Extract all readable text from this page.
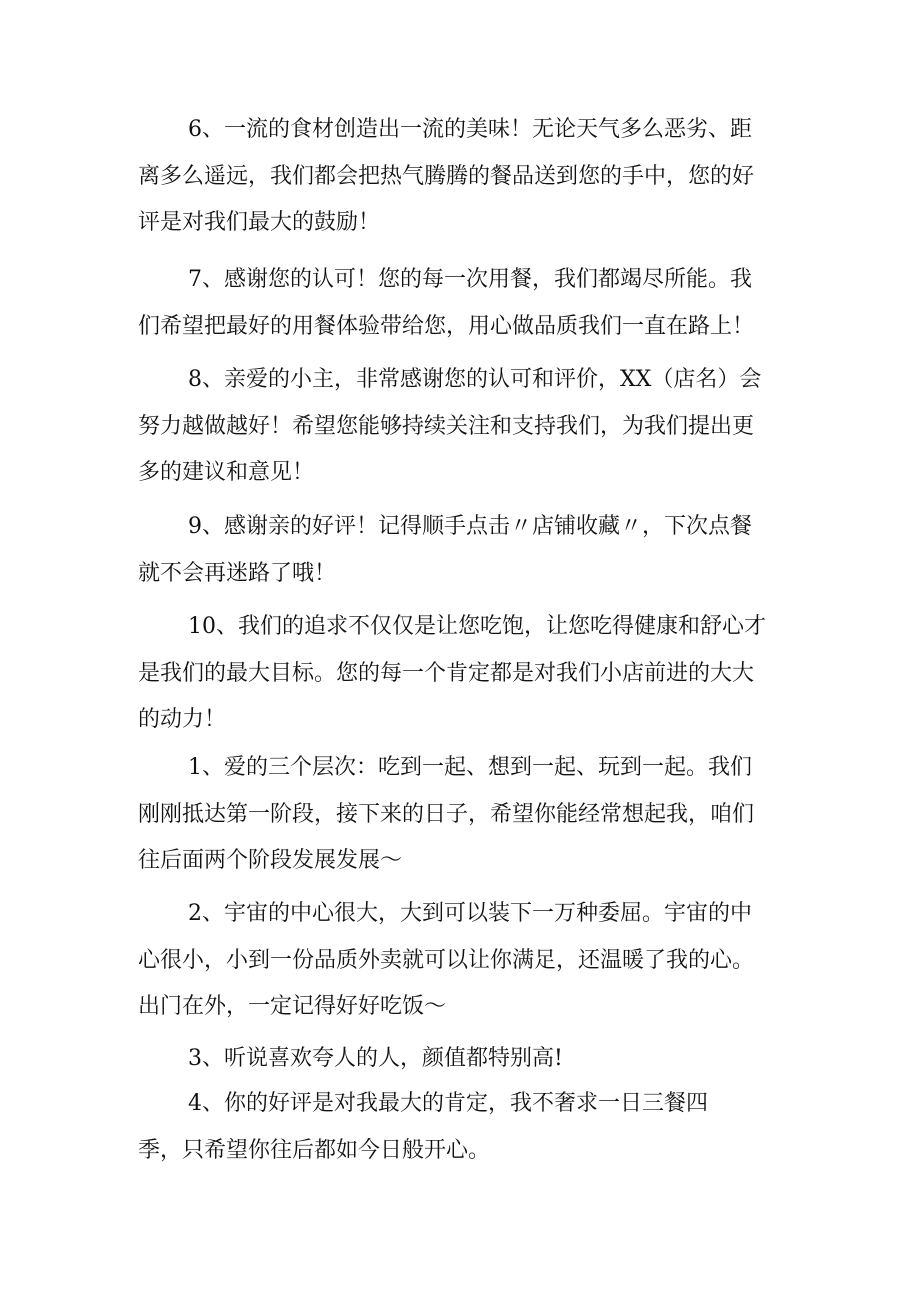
6、一流的食材创造出一流的美味！无论天气多么恶劣、距
离多么遥远，我们都会把热气腾腾的餐品送到您的手中，您的好
评是对我们最大的鼓励！
7、感谢您的认可！您的每一次用餐，我们都竭尽所能。我
们希望把最好的用餐体验带给您，用心做品质我们一直在路上！
8、亲爱的小主，非常感谢您的认可和评价，XX（店名）会
努力越做越好！希望您能够持续关注和支持我们，为我们提出更
多的建议和意见！
9、感谢亲的好评！记得顺手点击〃店铺收藏〃，下次点餐
就不会再迷路了哦！
10、我们的追求不仅仅是让您吃饱，让您吃得健康和舒心才
是我们的最大目标。您的每一个肯定都是对我们小店前进的大大
的动力！
1、爱的三个层次：吃到一起、想到一起、玩到一起。我们
刚刚抵达第一阶段，接下来的日子，希望你能经常想起我，咱们
往后面两个阶段发展发展～
2、宇宙的中心很大，大到可以装下一万种委屈。宇宙的中
心很小，小到一份品质外卖就可以让你满足，还温暖了我的心。
出门在外，一定记得好好吃饭～
3、听说喜欢夸人的人，颜值都特别高!
4、你的好评是对我最大的肯定，我不奢求一日三餐四
季，只希望你往后都如今日般开心。
